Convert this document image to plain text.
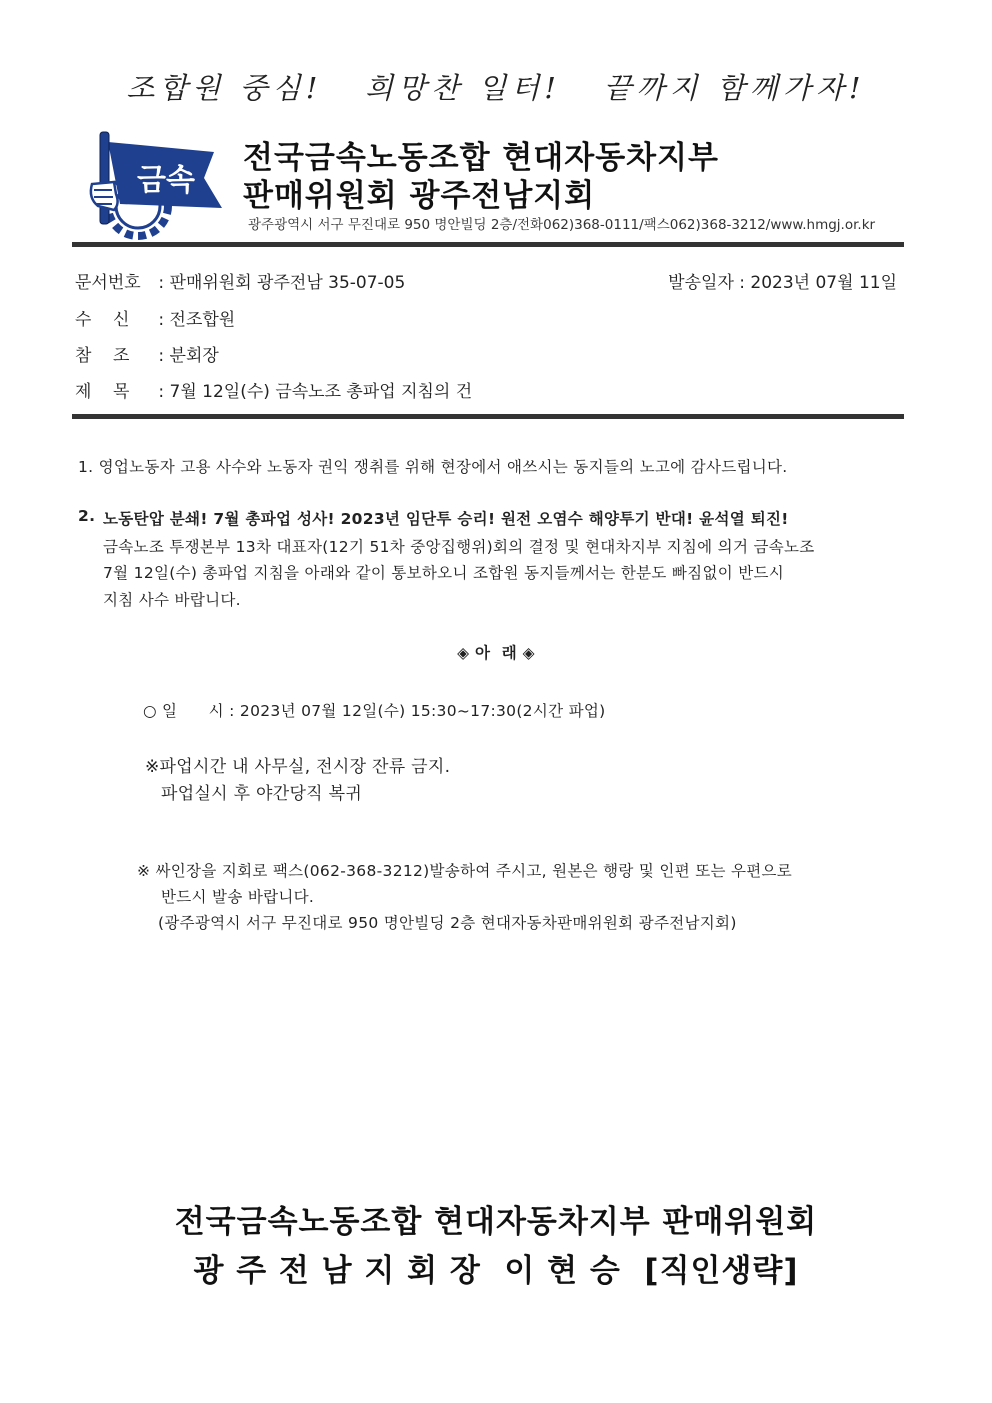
조합원 중심!   희망찬 일터!   끝까지 함께가자!
금속
전국금속노동조합 현대자동차지부
판매위원회 광주전남지회
광주광역시 서구 무진대로 950 명안빌딩 2층/전화062)368-0111/팩스062)368-3212/www.hmgj.or.kr
문서번호 : 판매위원회 광주전남 35-07-05	발송일자 : 2023년 07월 11일
수    신 : 전조합원
참    조 : 분회장
제    목 : 7월 12일(수) 금속노조 총파업 지침의 건
1. 영업노동자 고용 사수와 노동자 권익 쟁취를 위해 현장에서 애쓰시는 동지들의 노고에 감사드립니다.
2. 노동탄압 분쇄! 7월 총파업 성사! 2023년 임단투 승리! 원전 오염수 해양투기 반대! 윤석열 퇴진!
금속노조 투쟁본부 13차 대표자(12기 51차 중앙집행위)회의 결정 및 현대차지부 지침에 의거 금속노조
7월 12일(수) 총파업 지침을 아래와 같이 통보하오니 조합원 동지들께서는 한분도 빠짐없이 반드시
지침 사수 바랍니다.
◈ 아  래 ◈
○ 일      시 : 2023년 07월 12일(수) 15:30~17:30(2시간 파업)
※파업시간 내 사무실, 전시장 잔류 금지.
파업실시 후 야간당직 복귀
※ 싸인장을 지회로 팩스(062-368-3212)발송하여 주시고, 원본은 행랑 및 인편 또는 우편으로
반드시 발송 바랍니다.
(광주광역시 서구 무진대로 950 명안빌딩 2층 현대자동차판매위원회 광주전남지회)
전국금속노동조합 현대자동차지부 판매위원회
광 주 전 남 지 회 장  이 현 승  [직인생략]
